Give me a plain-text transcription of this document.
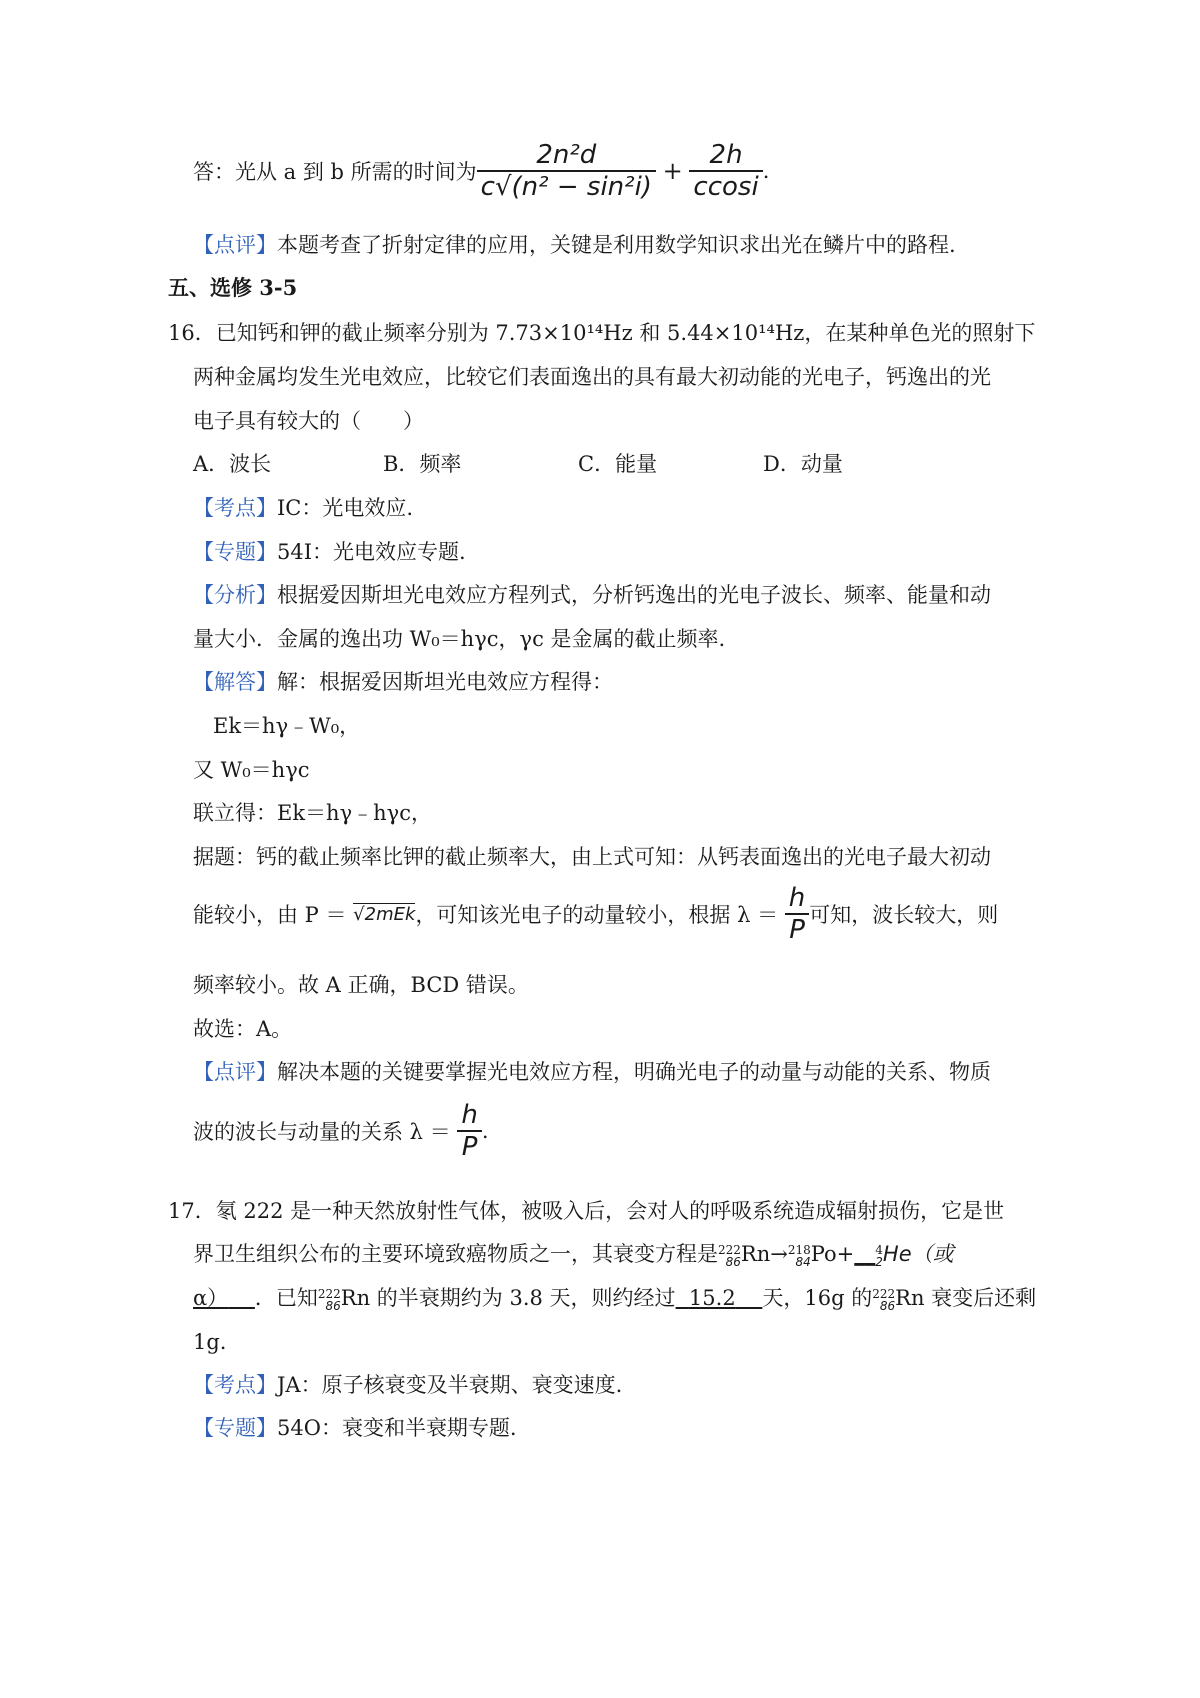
答：光从 a 到 b 所需的时间为 $\frac{\text{2n²d}}{\text{c√(n² − sin²i)}} + \frac{2h}{ccosi}$ .
【点评】本题考查了折射定律的应用，关键是利用数学知识求出光在鳞片中的路程.
五、选修 3-5
16．已知钙和钾的截止频率分别为 7.73×10¹⁴Hz 和 5.44×10¹⁴Hz，在某种单色光的照射下
两种金属均发生光电效应，比较它们表面逸出的具有最大初动能的光电子，钙逸出的光
电子具有较大的（　　）
A．波长	B．频率	C．能量	D．动量
【考点】IC：光电效应.
【专题】54I：光电效应专题.
【分析】根据爱因斯坦光电效应方程列式，分析钙逸出的光电子波长、频率、能量和动
量大小．金属的逸出功 W₀＝hγc，γc 是金属的截止频率.
【解答】解：根据爱因斯坦光电效应方程得：
Ek＝hγ﹣W₀，
又 W₀＝hγc
联立得：Ek＝hγ﹣hγc，
据题：钙的截止频率比钾的截止频率大，由上式可知：从钙表面逸出的光电子最大初动
能较小，由 P ＝ √2mEk，可知该光电子的动量较小，根据 $\lambda = \frac{h}{P}$ 可知，波长较大，则
频率较小。故 A 正确，BCD 错误。
故选：A。
【点评】解决本题的关键要掌握光电效应方程，明确光电子的动量与动能的关系、物质
波的波长与动量的关系 $\lambda = \frac{h}{P}$ .
17．氡 222 是一种天然放射性气体，被吸入后，会对人的呼吸系统造成辐射损伤，它是世
界卫生组织公布的主要环境致癌物质之一，其衰变方程是222
86Rn→218
84Po+__4
2He（或
α） ．已知222
86Rn 的半衰期约为 3.8 天，则约经过 15.2 天，16g 的222
86Rn 衰变后还剩
1g.
【考点】JA：原子核衰变及半衰期、衰变速度.
【专题】54O：衰变和半衰期专题.
